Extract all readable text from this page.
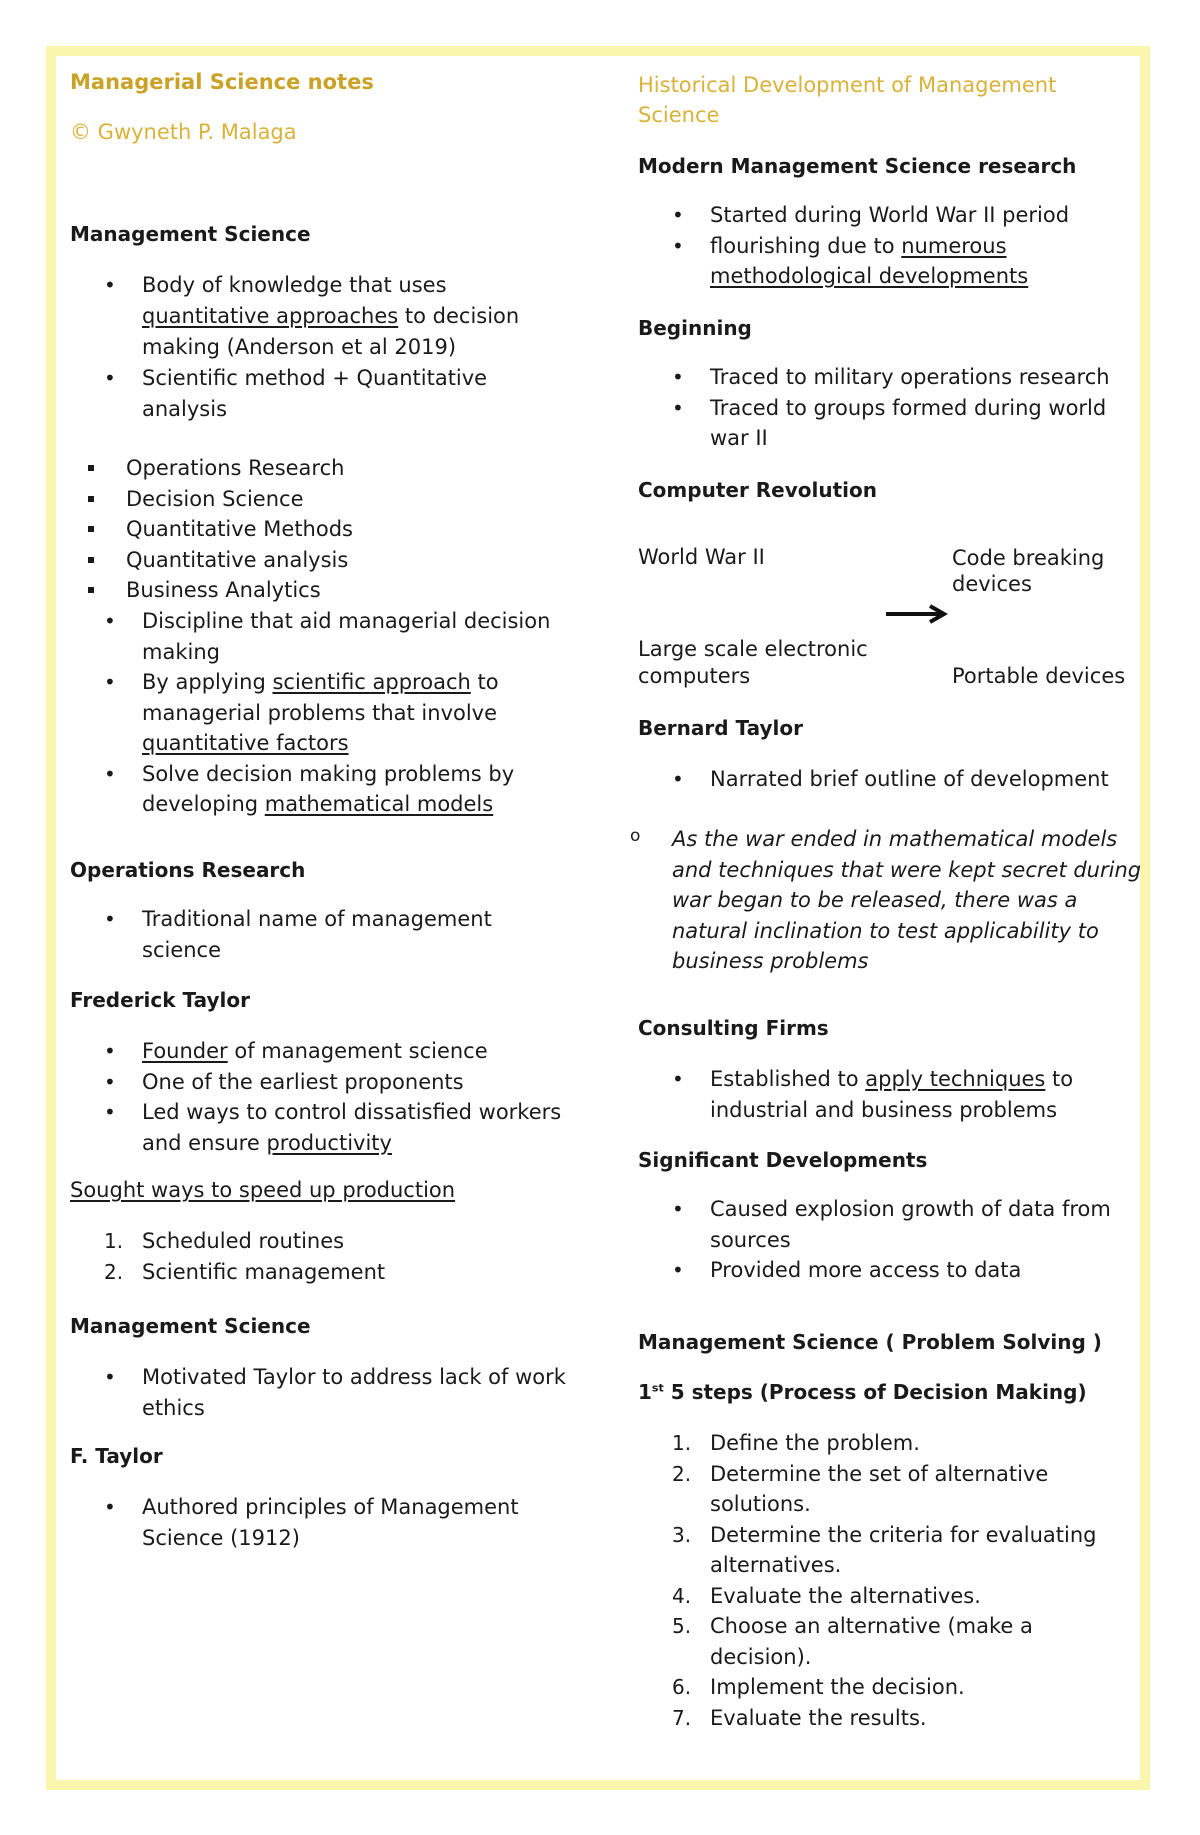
Managerial Science notes
© Gwyneth P. Malaga
Management Science
• Body of knowledge that uses quantitative approaches to decision making (Anderson et al 2019)
• Scientific method + Quantitative analysis
Operations Research
Decision Science
Quantitative Methods
Quantitative analysis
Business Analytics
• Discipline that aid managerial decision making
• By applying scientific approach to managerial problems that involve quantitative factors
• Solve decision making problems by developing mathematical models
Operations Research
• Traditional name of management science
Frederick Taylor
• Founder of management science
• One of the earliest proponents
• Led ways to control dissatisfied workers and ensure productivity
Sought ways to speed up production
1. Scheduled routines
2. Scientific management
Management Science
• Motivated Taylor to address lack of work ethics
F. Taylor
• Authored principles of Management Science (1912)
Historical Development of Management
Science
Modern Management Science research
• Started during World War II period
• flourishing due to numerous methodological developments
Beginning
• Traced to military operations research
• Traced to groups formed during world war II
Computer Revolution
World War II	Code breaking devices
Large scale electronic computers	Portable devices
Bernard Taylor
• Narrated brief outline of development
o As the war ended in mathematical models and techniques that were kept secret during war began to be released, there was a natural inclination to test applicability to business problems
Consulting Firms
• Established to apply techniques to industrial and business problems
Significant Developments
• Caused explosion growth of data from sources
• Provided more access to data
Management Science ( Problem Solving )
1st 5 steps (Process of Decision Making)
1. Define the problem.
2. Determine the set of alternative solutions.
3. Determine the criteria for evaluating alternatives.
4. Evaluate the alternatives.
5. Choose an alternative (make a decision).
6. Implement the decision.
7. Evaluate the results.
